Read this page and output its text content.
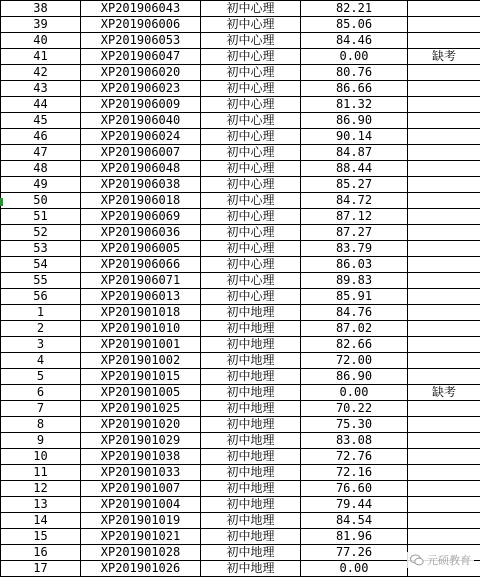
38	XP201906043	初中心理	82.21	
39	XP201906006	初中心理	85.06	
40	XP201906053	初中心理	84.46	
41	XP201906047	初中心理	0.00	缺考
42	XP201906020	初中心理	80.76	
43	XP201906023	初中心理	86.66	
44	XP201906009	初中心理	81.32	
45	XP201906040	初中心理	86.90	
46	XP201906024	初中心理	90.14	
47	XP201906007	初中心理	84.87	
48	XP201906048	初中心理	88.44	
49	XP201906038	初中心理	85.27	
50	XP201906018	初中心理	84.72	
51	XP201906069	初中心理	87.12	
52	XP201906036	初中心理	87.27	
53	XP201906005	初中心理	83.79	
54	XP201906066	初中心理	86.03	
55	XP201906071	初中心理	89.83	
56	XP201906013	初中心理	85.91	
1	XP201901018	初中地理	84.76	
2	XP201901010	初中地理	87.02	
3	XP201901001	初中地理	82.66	
4	XP201901002	初中地理	72.00	
5	XP201901015	初中地理	86.90	
6	XP201901005	初中地理	0.00	缺考
7	XP201901025	初中地理	70.22	
8	XP201901020	初中地理	75.30	
9	XP201901029	初中地理	83.08	
10	XP201901038	初中地理	72.76	
11	XP201901033	初中地理	72.16	
12	XP201901007	初中地理	76.60	
13	XP201901004	初中地理	79.44	
14	XP201901019	初中地理	84.54	
15	XP201901021	初中地理	81.96	
16	XP201901028	初中地理	77.26	
17	XP201901026	初中地理	0.00	
元硕教育
